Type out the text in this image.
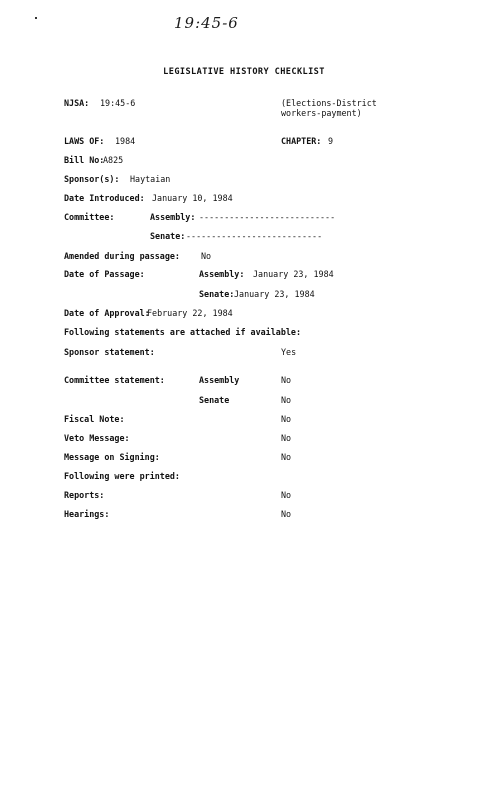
19:45-6
LEGISLATIVE HISTORY CHECKLIST
NJSA: 19:45-6	(Elections-District workers-payment)
LAWS OF: 1984	CHAPTER: 9
Bill No:
A825
Sponsor(s): Haytaian
Date Introduced: January 10, 1984
Committee:	Assembly: ---------------------------
Senate: ---------------------------
Amended during passage:	No
Date of Passage:	Assembly: January 23, 1984
Senate: January 23, 1984
Date of Approval:
February 22, 1984
Following statements are attached if available:
Sponsor statement:	Yes
Committee statement:	Assembly	No
Senate	No
Fiscal Note:	No
Veto Message:	No
Message on Signing:	No
Following were printed:
Reports:	No
Hearings:	No
